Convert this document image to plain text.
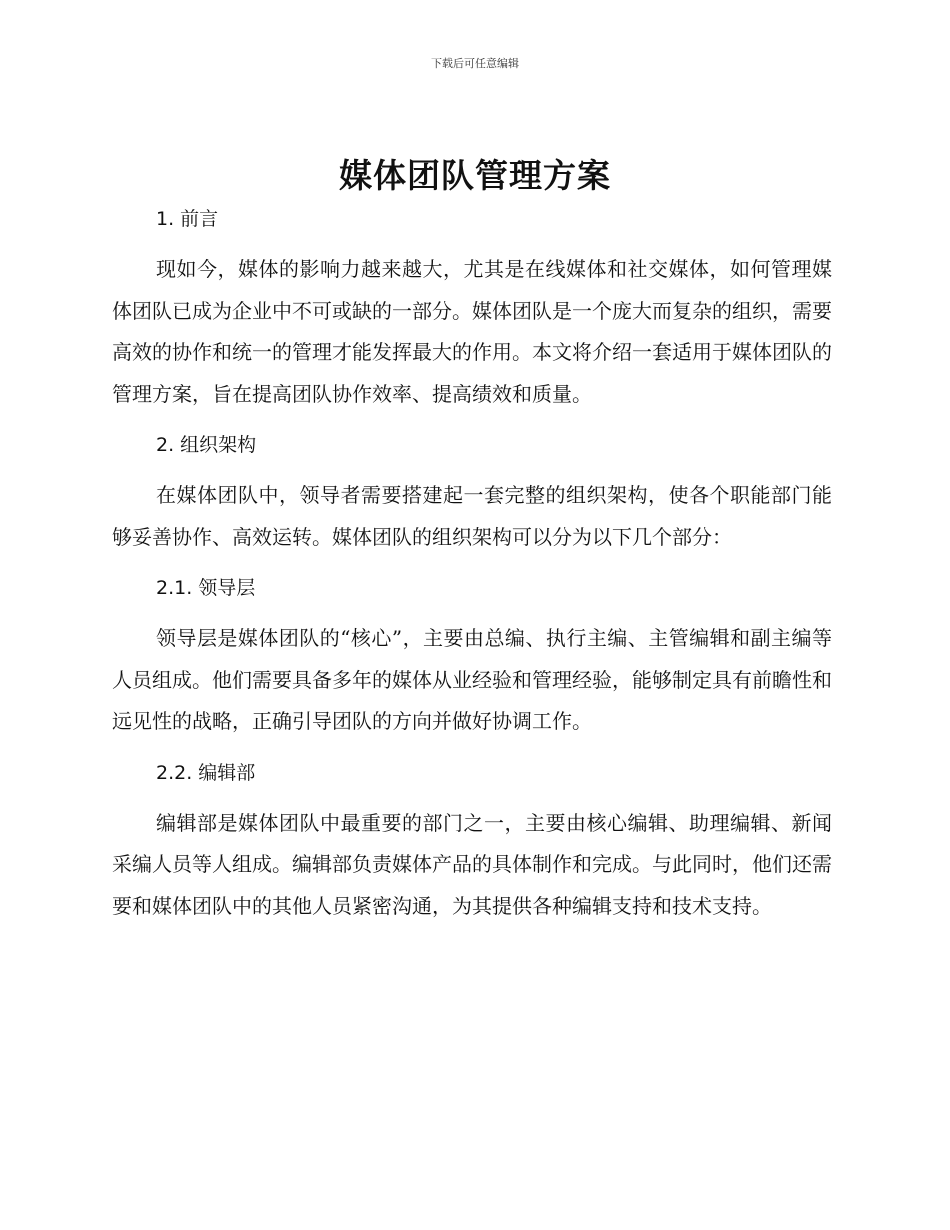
下载后可任意编辑
媒体团队管理方案
1. 前言

现如今，媒体的影响力越来越大，尤其是在线媒体和社交媒体，如何管理媒体团队已成为企业中不可或缺的一部分。媒体团队是一个庞大而复杂的组织，需要高效的协作和统一的管理才能发挥最大的作用。本文将介绍一套适用于媒体团队的管理方案，旨在提高团队协作效率、提高绩效和质量。

2. 组织架构

在媒体团队中，领导者需要搭建起一套完整的组织架构，使各个职能部门能够妥善协作、高效运转。媒体团队的组织架构可以分为以下几个部分：

2.1. 领导层

领导层是媒体团队的“核心”，主要由总编、执行主编、主管编辑和副主编等人员组成。他们需要具备多年的媒体从业经验和管理经验，能够制定具有前瞻性和远见性的战略，正确引导团队的方向并做好协调工作。

2.2. 编辑部

编辑部是媒体团队中最重要的部门之一，主要由核心编辑、助理编辑、新闻采编人员等人组成。编辑部负责媒体产品的具体制作和完成。与此同时，他们还需要和媒体团队中的其他人员紧密沟通，为其提供各种编辑支持和技术支持。
